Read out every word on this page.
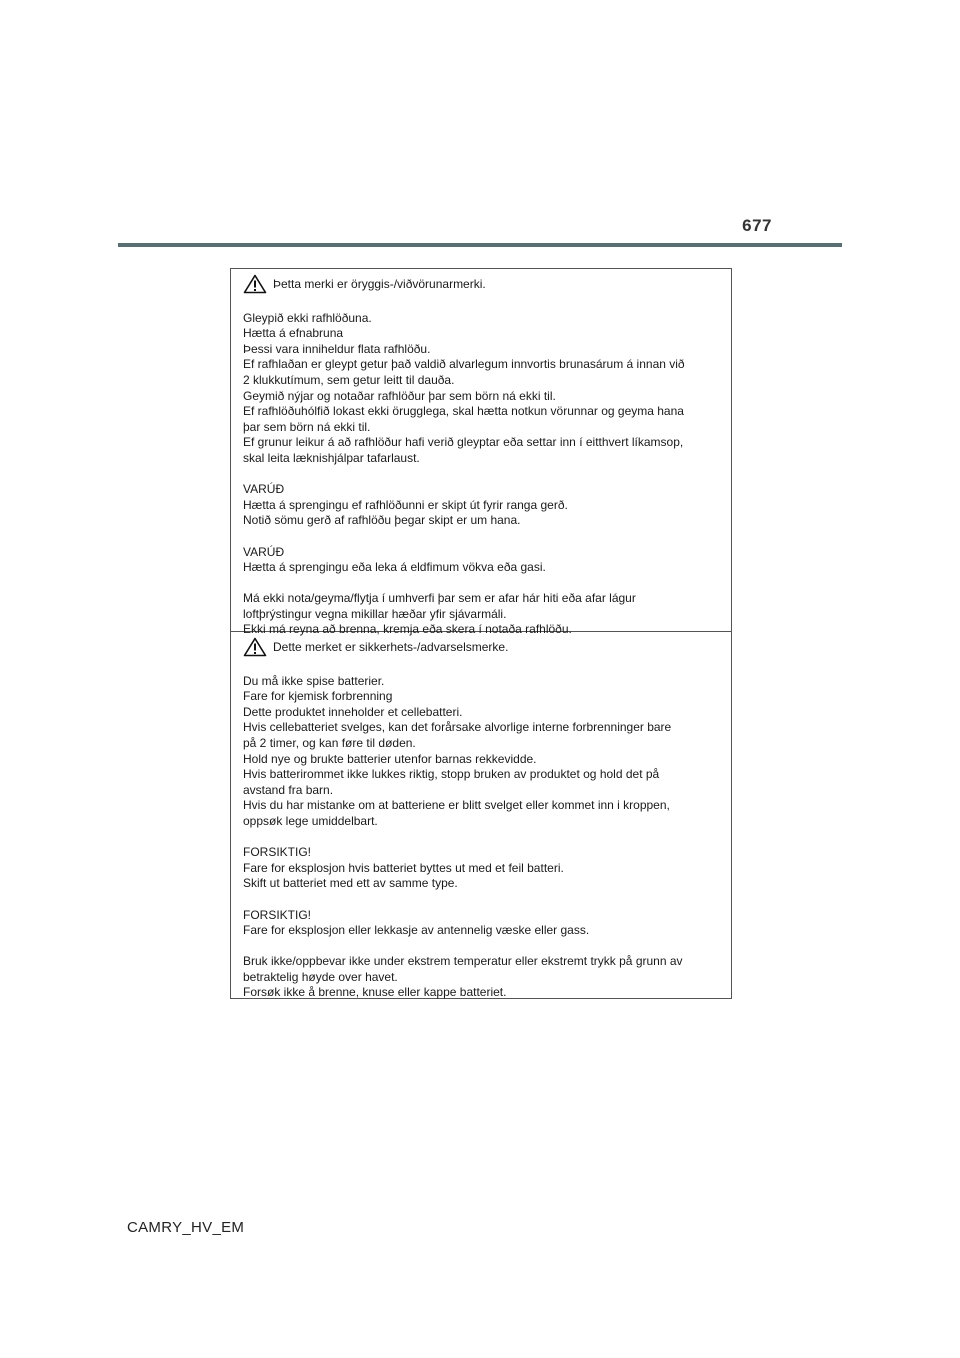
677
Þetta merki er öryggis-/viðvörunarmerki.
Gleypið ekki rafhlöðuna.
Hætta á efnabruna
Þessi vara inniheldur flata rafhlöðu.
Ef rafhlaðan er gleypt getur það valdið alvarlegum innvortis brunasárum á innan við
2 klukkutímum, sem getur leitt til dauða.
Geymið nýjar og notaðar rafhlöður þar sem börn ná ekki til.
Ef rafhlöðuhólfið lokast ekki örugglega, skal hætta notkun vörunnar og geyma hana
þar sem börn ná ekki til.
Ef grunur leikur á að rafhlöður hafi verið gleyptar eða settar inn í eitthvert líkamsop,
skal leita læknishjálpar tafarlaust.
VARÚÐ
Hætta á sprengingu ef rafhlöðunni er skipt út fyrir ranga gerð.
Notið sömu gerð af rafhlöðu þegar skipt er um hana.
VARÚÐ
Hætta á sprengingu eða leka á eldfimum vökva eða gasi.
Má ekki nota/geyma/flytja í umhverfi þar sem er afar hár hiti eða afar lágur
loftþrýstingur vegna mikillar hæðar yfir sjávarmáli.
Ekki má reyna að brenna, kremja eða skera í notaða rafhlöðu.
Dette merket er sikkerhets-/advarselsmerke.
Du må ikke spise batterier.
Fare for kjemisk forbrenning
Dette produktet inneholder et cellebatteri.
Hvis cellebatteriet svelges, kan det forårsake alvorlige interne forbrenninger bare
på 2 timer, og kan føre til døden.
Hold nye og brukte batterier utenfor barnas rekkevidde.
Hvis batterirommet ikke lukkes riktig, stopp bruken av produktet og hold det på
avstand fra barn.
Hvis du har mistanke om at batteriene er blitt svelget eller kommet inn i kroppen,
oppsøk lege umiddelbart.
FORSIKTIG!
Fare for eksplosjon hvis batteriet byttes ut med et feil batteri.
Skift ut batteriet med ett av samme type.
FORSIKTIG!
Fare for eksplosjon eller lekkasje av antennelig væske eller gass.
Bruk ikke/oppbevar ikke under ekstrem temperatur eller ekstremt trykk på grunn av
betraktelig høyde over havet.
Forsøk ikke å brenne, knuse eller kappe batteriet.
CAMRY_HV_EM
